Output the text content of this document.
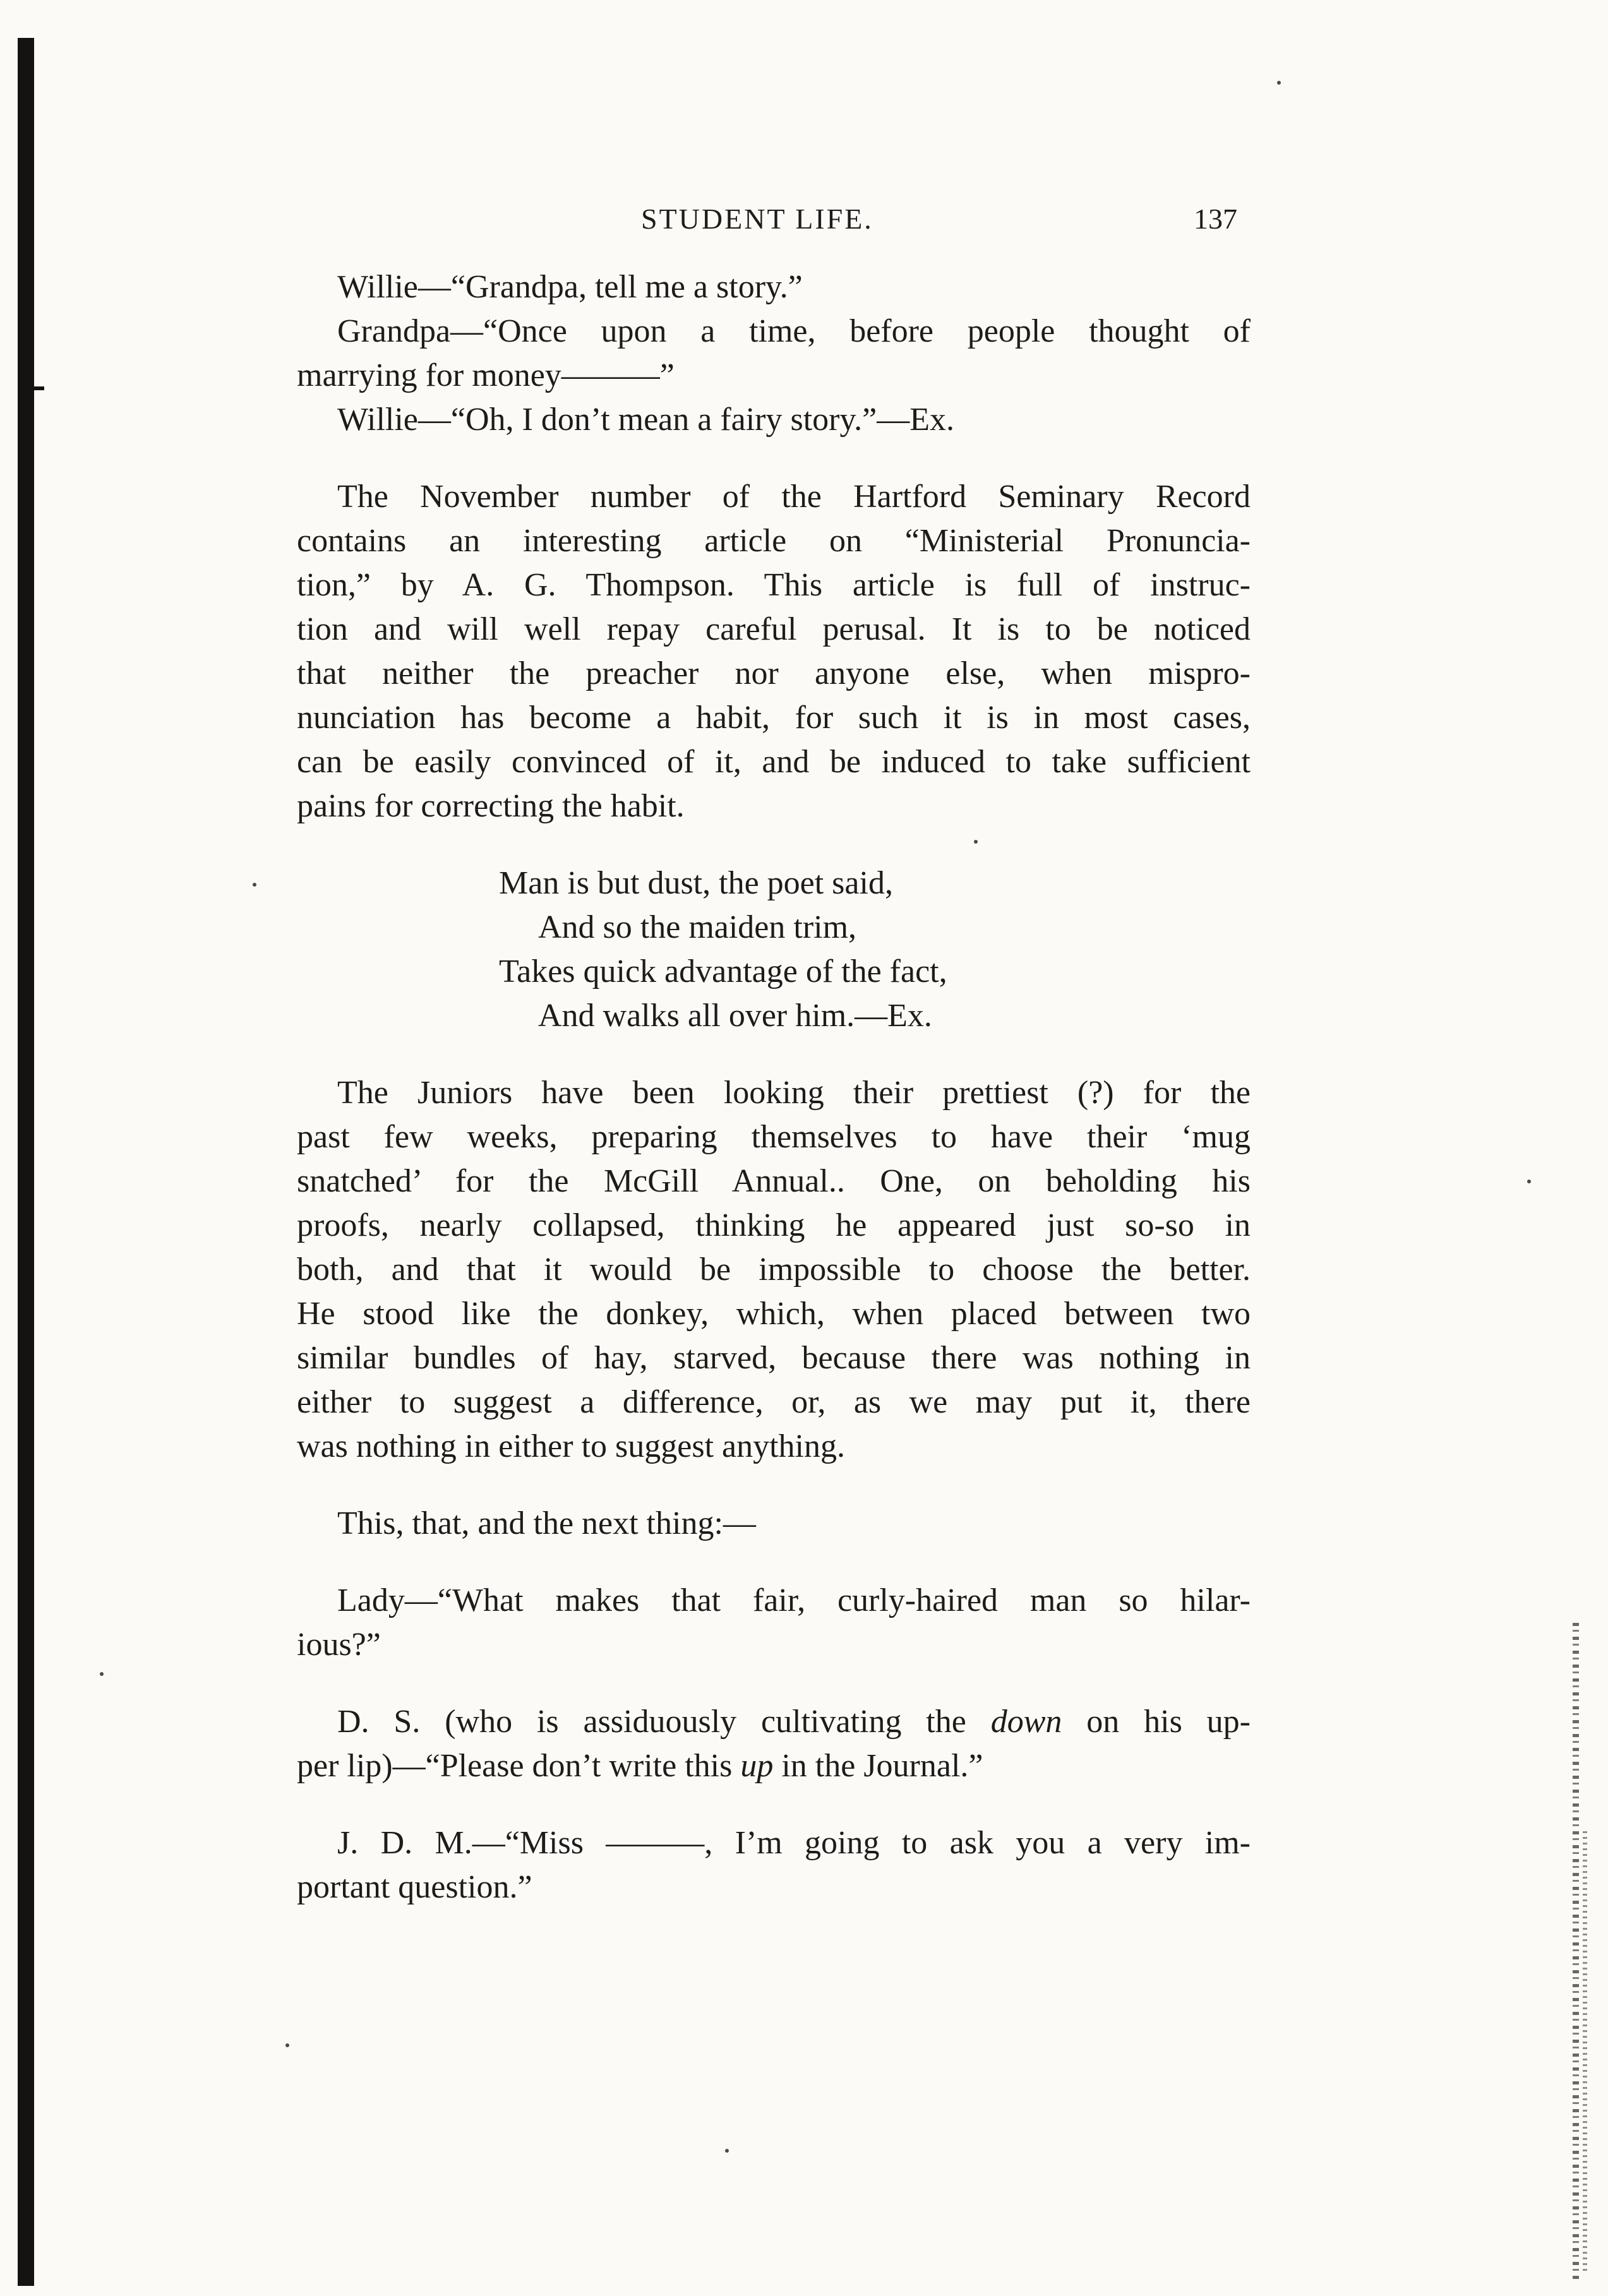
STUDENT LIFE.	137
Willie—“Grandpa, tell me a story.”
Grandpa—“Once upon a time, before people thought of
marrying for money———”
Willie—“Oh, I don’t mean a fairy story.”—Ex.
The November number of the Hartford Seminary Record
contains an interesting article on “Ministerial Pronuncia-
tion,” by A. G. Thompson. This article is full of instruc-
tion and will well repay careful perusal. It is to be noticed
that neither the preacher nor anyone else, when mispro-
nunciation has become a habit, for such it is in most cases,
can be easily convinced of it, and be induced to take sufficient
pains for correcting the habit.
Man is but dust, the poet said,
And so the maiden trim,
Takes quick advantage of the fact,
And walks all over him.—Ex.
The Juniors have been looking their prettiest (?) for the
past few weeks, preparing themselves to have their ‘mug
snatched’ for the McGill Annual.. One, on beholding his
proofs, nearly collapsed, thinking he appeared just so-so in
both, and that it would be impossible to choose the better.
He stood like the donkey, which, when placed between two
similar bundles of hay, starved, because there was nothing in
either to suggest a difference, or, as we may put it, there
was nothing in either to suggest anything.
This, that, and the next thing:—
Lady—“What makes that fair, curly-haired man so hilar-
ious?”
D. S. (who is assiduously cultivating the down on his up-
per lip)—“Please don’t write this up in the Journal.”
J. D. M.—“Miss ———, I’m going to ask you a very im-
portant question.”
